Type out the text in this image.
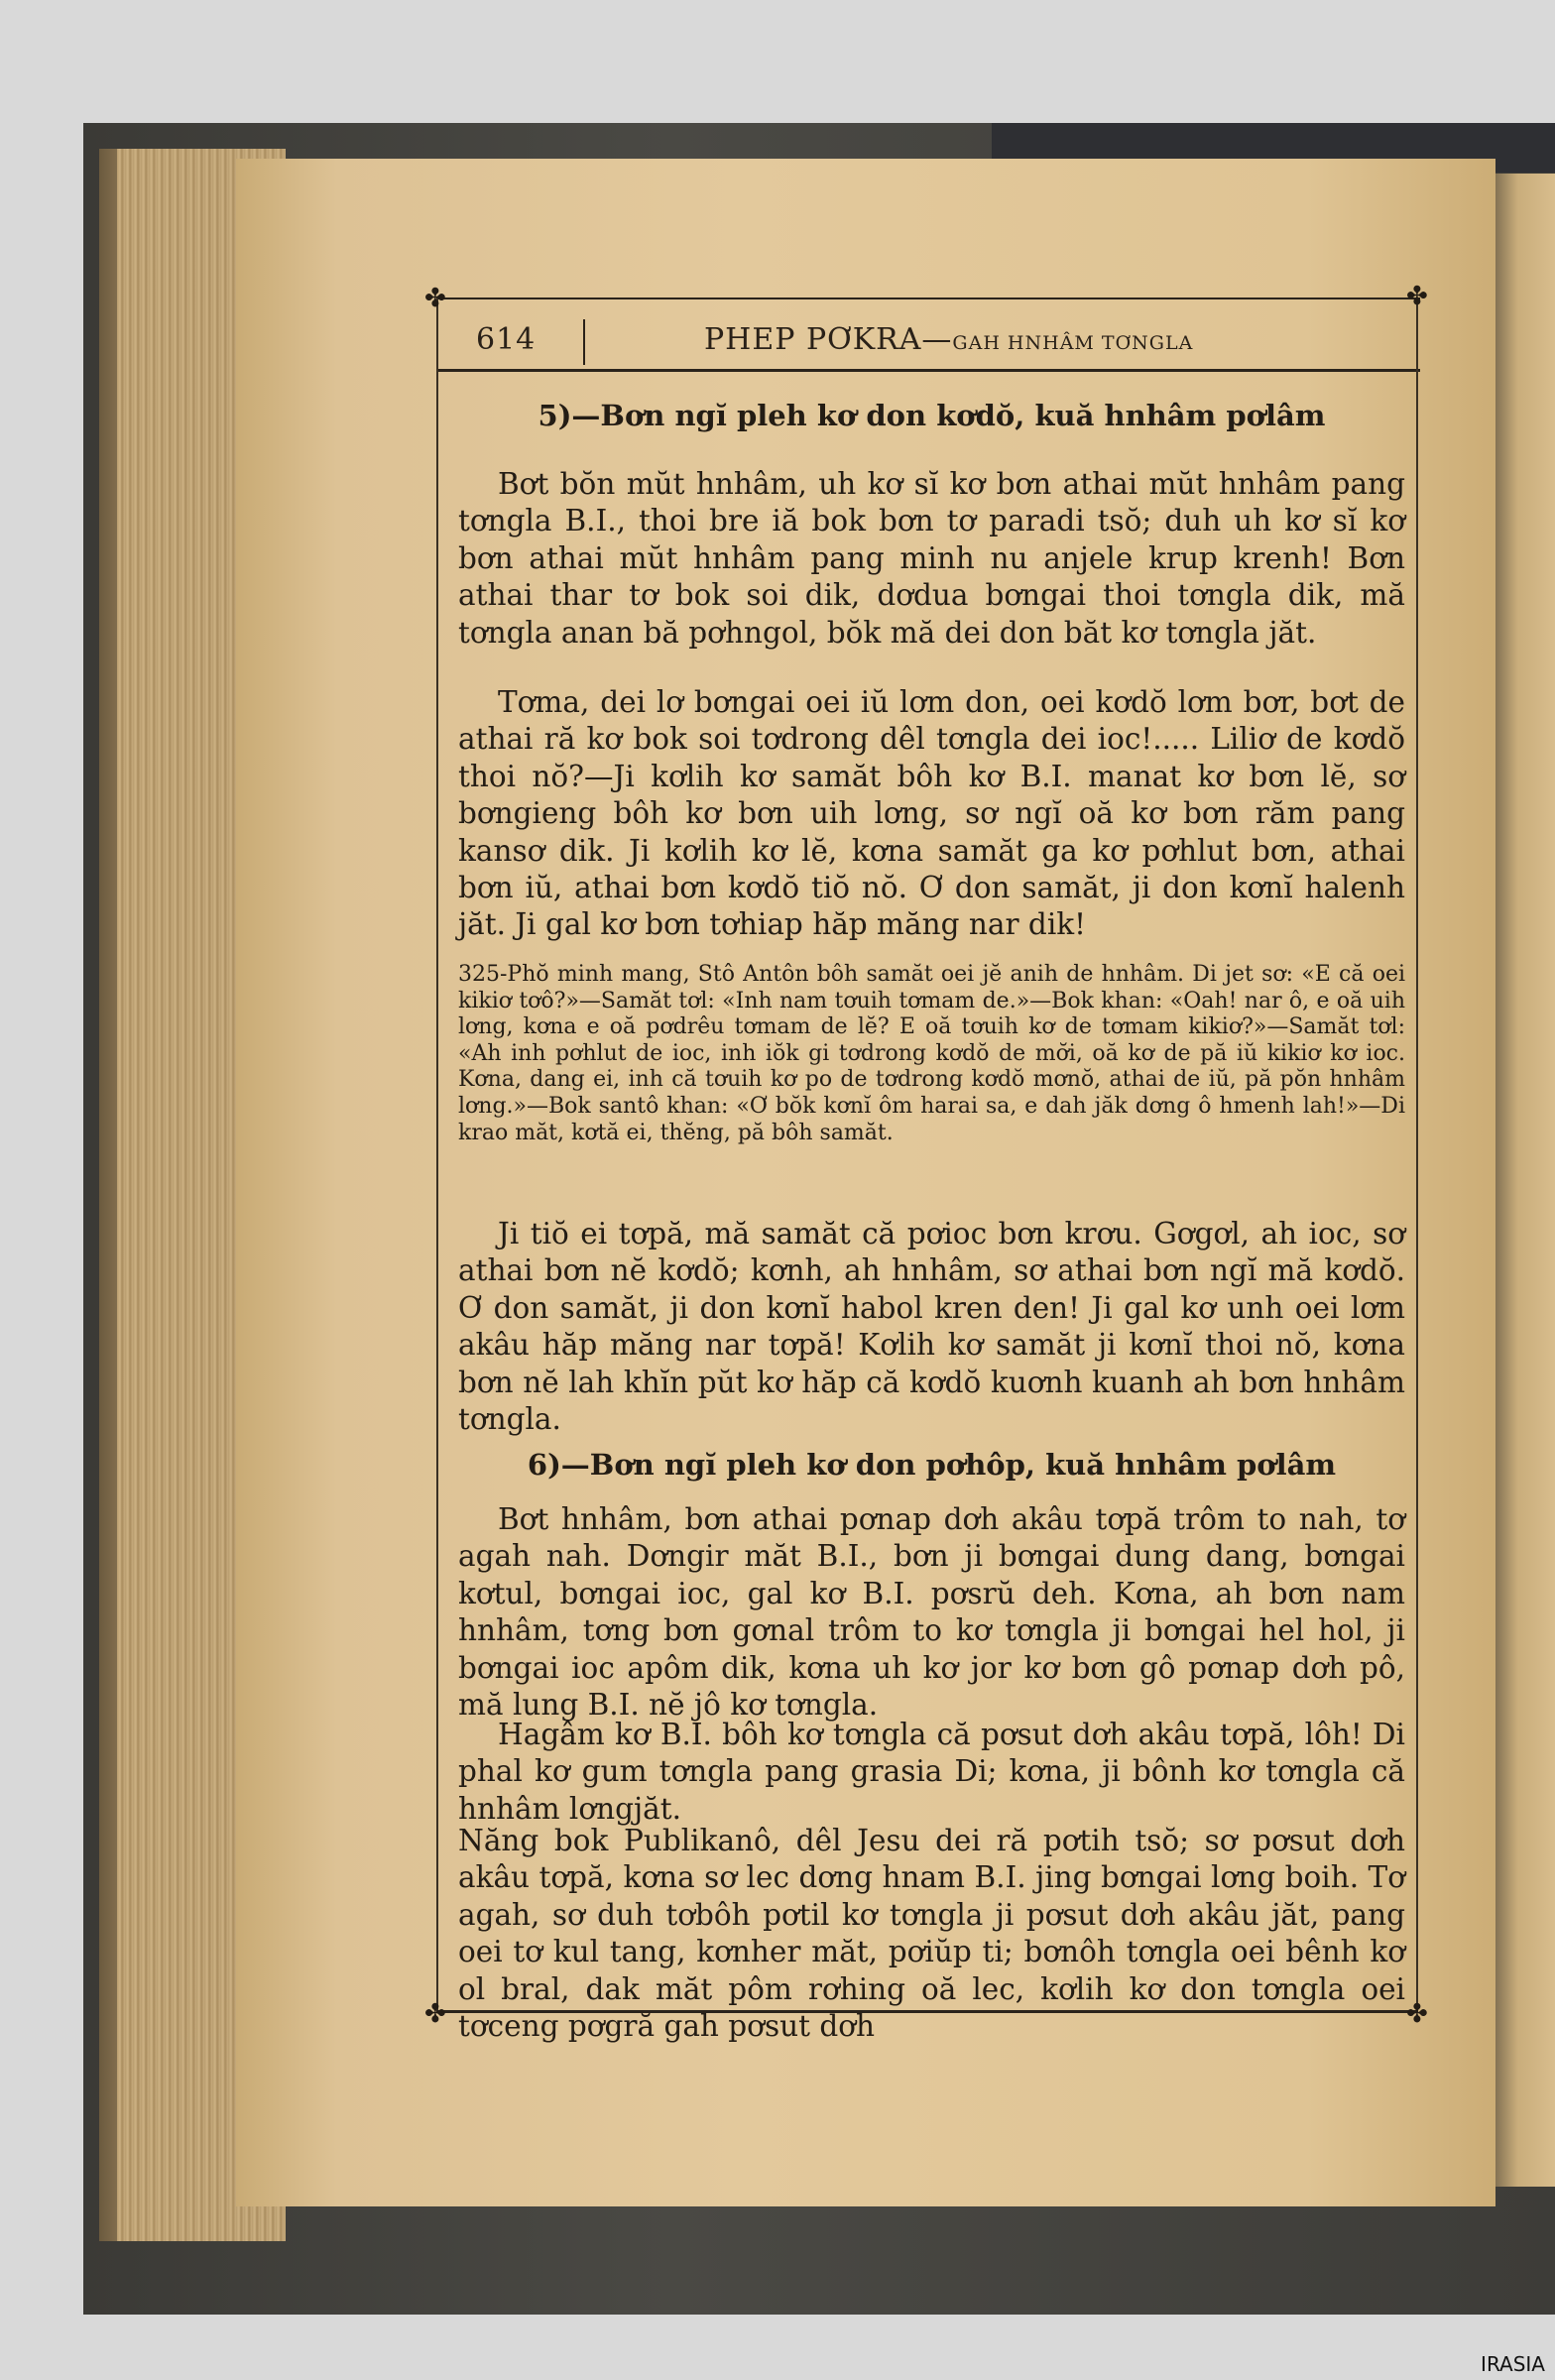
✤	✤
✤	✤
614	PHEP PƠKRA—GAH HNHÂM TƠNGLA
5)—Bơn ngĭ pleh kơ don kơdŏ, kuă hnhâm pơlâm
Bơt bŏn mŭt hnhâm, uh kơ sĭ kơ bơn athai mŭt hnhâm pang tơngla B.I., thoi bre iă bok bơn tơ paradi tsŏ; duh uh kơ sĭ kơ bơn athai mŭt hnhâm pang minh nu anjele krup krenh! Bơn athai thar tơ bok soi dik, dơdua bơngai thoi tơngla dik, mă tơngla anan bă pơhngol, bŏk mă dei don băt kơ tơngla jăt.
Tơma, dei lơ bơngai oei iŭ lơm don, oei kơdŏ lơm bơr, bơt de athai ră kơ bok soi tơdrong dêl tơngla dei ioc!..... Liliơ de kơdŏ thoi nŏ?—Ji kơlih kơ samăt bôh kơ B.I. manat kơ bơn lĕ, sơ bơngieng bôh kơ bơn uih lơng, sơ ngĭ oă kơ bơn răm pang kansơ dik. Ji kơlih kơ lĕ, kơna samăt ga kơ pơhlut bơn, athai bơn iŭ, athai bơn kơdŏ tiŏ nŏ. Ơ don samăt, ji don kơnĭ halenh jăt. Ji gal kơ bơn tơhiap hăp măng nar dik!
325-Phŏ minh mang, Stô Antôn bôh samăt oei jĕ anih de hnhâm. Di jet sơ: «E că oei kikiơ tơô?»—Samăt tơl: «Inh nam tơuih tơmam de.»—Bok khan: «Oah! nar ô, e oă uih lơng, kơna e oă pơdrêu tơmam de lĕ? E oă tơuih kơ de tơmam kikiơ?»—Samăt tơl: «Ah inh pơhlut de ioc, inh iŏk gi tơdrong kơdŏ de mơ̆i, oă kơ de pă iŭ kikiơ kơ ioc. Kơna, dang ei, inh că tơuih kơ po de tơdrong kơdŏ mơnŏ, athai de iŭ, pă pŏn hnhâm lơng.»—Bok santô khan: «Ơ bŏk kơnĭ ôm harai sa, e dah jăk dơng ô hmenh lah!»—Di krao măt, kơtă ei, thĕng, pă bôh samăt.
Ji tiŏ ei tơpă, mă samăt că pơioc bơn krơu. Gơgơl, ah ioc, sơ athai bơn nĕ kơdŏ; kơnh, ah hnhâm, sơ athai bơn ngĭ mă kơdŏ. Ơ don samăt, ji don kơnĭ habol kren den! Ji gal kơ unh oei lơm akâu hăp măng nar tơpă! Kơlih kơ samăt ji kơnĭ thoi nŏ, kơna bơn nĕ lah khĭn pŭt kơ hăp că kơdŏ kuơnh kuanh ah bơn hnhâm tơngla.
6)—Bơn ngĭ pleh kơ don pơhôp, kuă hnhâm pơlâm
Bơt hnhâm, bơn athai pơnap dơh akâu tơpă trôm to nah, tơ agah nah. Dơngir măt B.I., bơn ji bơngai dung dang, bơngai kơtul, bơngai ioc, gal kơ B.I. pơsrŭ deh. Kơna, ah bơn nam hnhâm, tơng bơn gơnal trôm to kơ tơngla ji bơngai hel hol, ji bơngai ioc apôm dik, kơna uh kơ jor kơ bơn gô pơnap dơh pô, mă lung B.I. nĕ jô kơ tơngla.
Hagâm kơ B.I. bôh kơ tơngla că pơsut dơh akâu tơpă, lôh! Di phal kơ gum tơngla pang grasia Di; kơna, ji bônh kơ tơngla că hnhâm lơngjăt.
Năng bok Publikanô, dêl Jesu dei ră pơtih tsŏ; sơ pơsut dơh akâu tơpă, kơna sơ lec dơng hnam B.I. jing bơngai lơng boih. Tơ agah, sơ duh tơbôh pơtil kơ tơngla ji pơsut dơh akâu jăt, pang oei tơ kul tang, kơnher măt, pơiŭp ti; bơnôh tơngla oei bênh kơ ol bral, dak măt pôm rơhing oă lec, kơlih kơ don tơngla oei tơceng pơgră gah pơsut dơh
IRASIA
